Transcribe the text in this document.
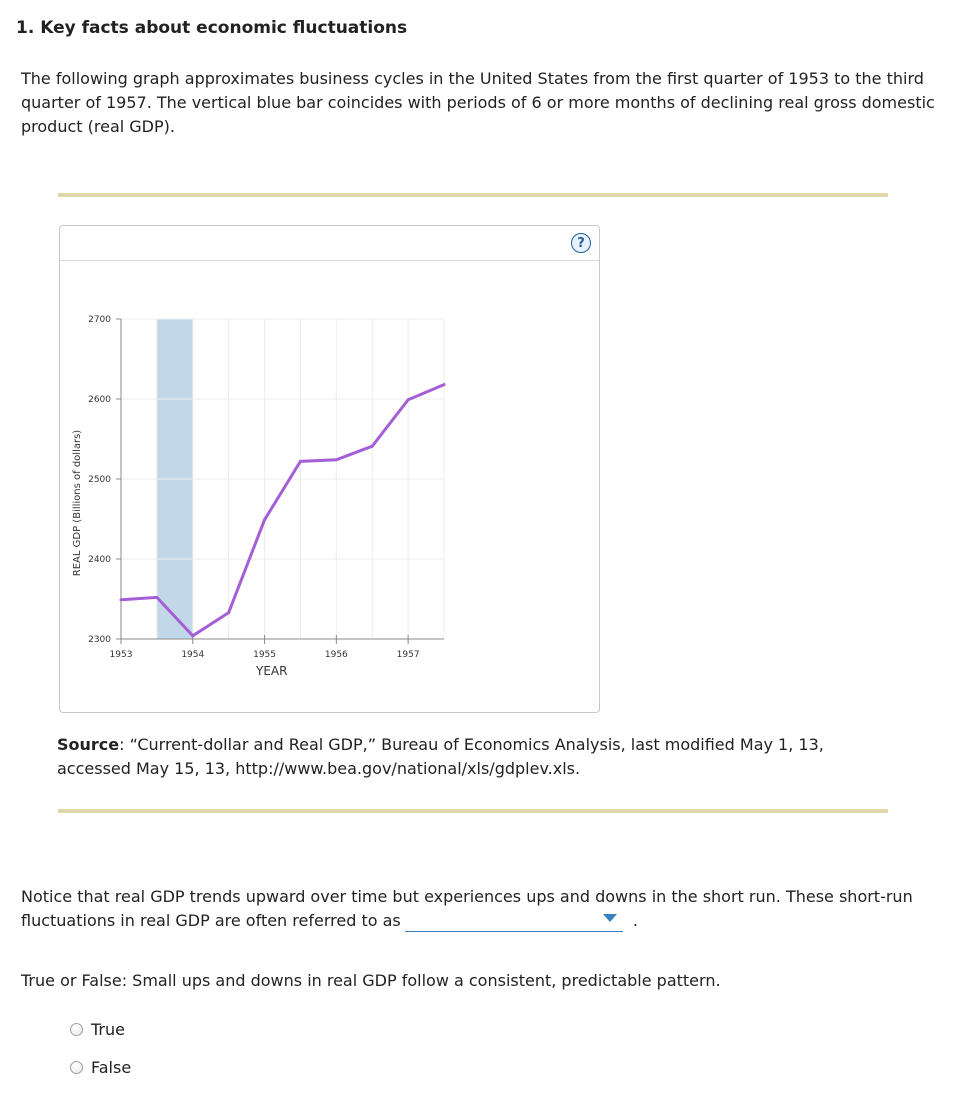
1. Key facts about economic fluctuations

The following graph approximates business cycles in the United States from the first quarter of 1953 to the third quarter of 1957. The vertical blue bar coincides with periods of 6 or more months of declining real gross domestic product (real GDP).

?
2300
2400
2500
2600
2700
1953	1954	1955	1956	1957
YEAR
REAL GDP (Billions of dollars)

Source: “Current-dollar and Real GDP,” Bureau of Economics Analysis, last modified May 1, 13, accessed May 15, 13, http://www.bea.gov/national/xls/gdplev.xls.

Notice that real GDP trends upward over time but experiences ups and downs in the short run. These short-run fluctuations in real GDP are often referred to as	.

True or False: Small ups and downs in real GDP follow a consistent, predictable pattern.

True
False
